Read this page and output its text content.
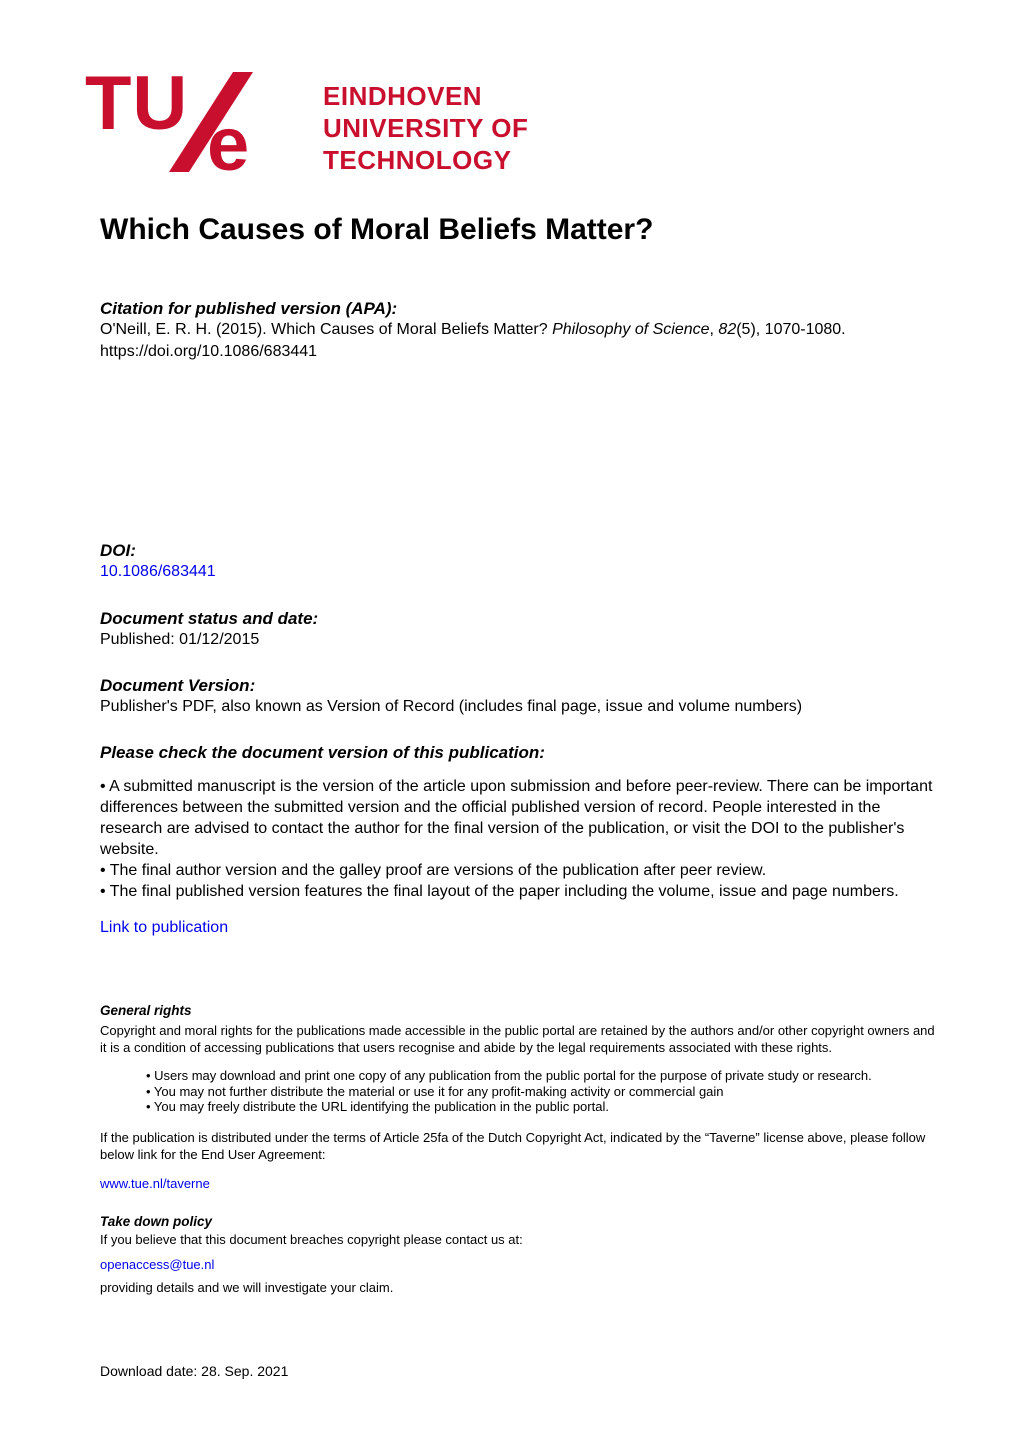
TU e
EINDHOVEN
UNIVERSITY OF
TECHNOLOGY
Which Causes of Moral Beliefs Matter?

Citation for published version (APA):

O'Neill, E. R. H. (2015). Which Causes of Moral Beliefs Matter? Philosophy of Science, 82(5), 1070-1080.

https://doi.org/10.1086/683441

DOI:

10.1086/683441

Document status and date:

Published: 01/12/2015

Document Version:

Publisher's PDF, also known as Version of Record (includes final page, issue and volume numbers)

Please check the document version of this publication:

• A submitted manuscript is the version of the article upon submission and before peer-review. There can be important differences between the submitted version and the official published version of record. People interested in the research are advised to contact the author for the final version of the publication, or visit the DOI to the publisher's website.

• The final author version and the galley proof are versions of the publication after peer review.

• The final published version features the final layout of the paper including the volume, issue and page numbers.

Link to publication

General rights

Copyright and moral rights for the publications made accessible in the public portal are retained by the authors and/or other copyright owners and it is a condition of accessing publications that users recognise and abide by the legal requirements associated with these rights.

• Users may download and print one copy of any publication from the public portal for the purpose of private study or research.

• You may not further distribute the material or use it for any profit-making activity or commercial gain

• You may freely distribute the URL identifying the publication in the public portal.

If the publication is distributed under the terms of Article 25fa of the Dutch Copyright Act, indicated by the “Taverne” license above, please follow below link for the End User Agreement:

www.tue.nl/taverne

Take down policy

If you believe that this document breaches copyright please contact us at:

openaccess@tue.nl

providing details and we will investigate your claim.

Download date: 28. Sep. 2021
